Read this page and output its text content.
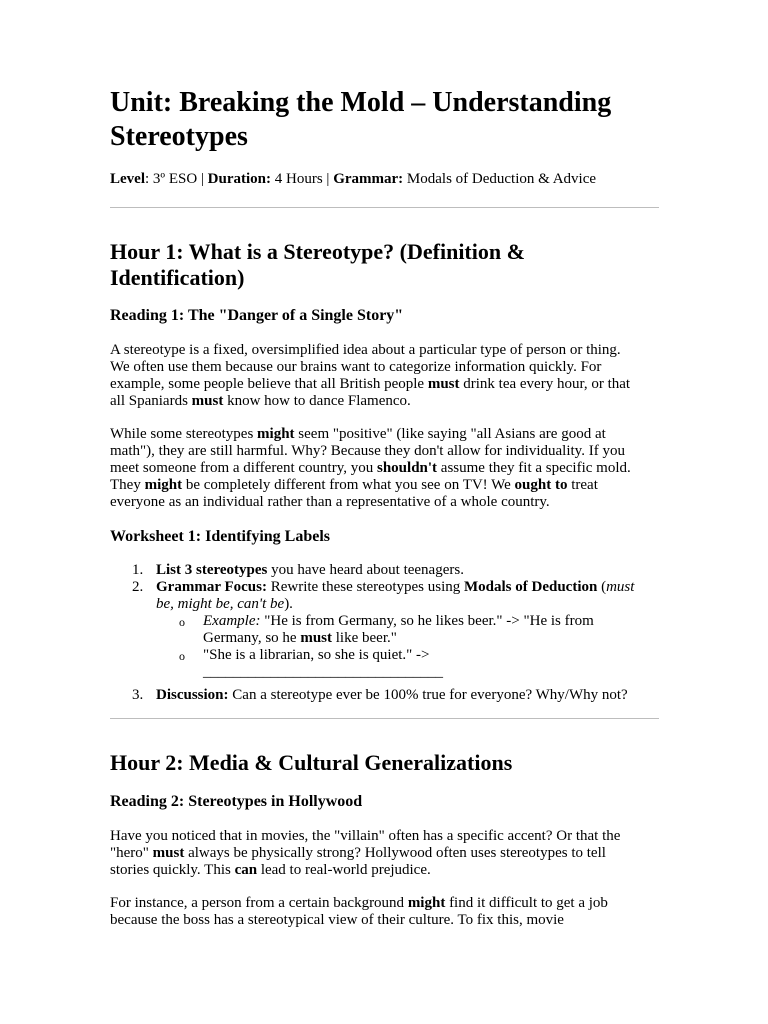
Unit: Breaking the Mold – Understanding Stereotypes

Level: 3º ESO | Duration: 4 Hours | Grammar: Modals of Deduction & Advice

Hour 1: What is a Stereotype? (Definition & Identification)
Reading 1: The "Danger of a Single Story"
A stereotype is a fixed, oversimplified idea about a particular type of person or thing.
We often use them because our brains want to categorize information quickly. For
example, some people believe that all British people must drink tea every hour, or that
all Spaniards must know how to dance Flamenco.
While some stereotypes might seem "positive" (like saying "all Asians are good at
math"), they are still harmful. Why? Because they don't allow for individuality. If you
meet someone from a different country, you shouldn't assume they fit a specific mold.
They might be completely different from what you see on TV! We ought to treat
everyone as an individual rather than a representative of a whole country.
Worksheet 1: Identifying Labels
1. List 3 stereotypes you have heard about teenagers.
2. Grammar Focus: Rewrite these stereotypes using Modals of Deduction (must
be, might be, can't be).
o Example: "He is from Germany, so he likes beer." -> "He is from
Germany, so he must like beer."
o "She is a librarian, so she is quiet." ->
________________________________
3. Discussion: Can a stereotype ever be 100% true for everyone? Why/Why not?
Hour 2: Media & Cultural Generalizations
Reading 2: Stereotypes in Hollywood
Have you noticed that in movies, the "villain" often has a specific accent? Or that the
"hero" must always be physically strong? Hollywood often uses stereotypes to tell
stories quickly. This can lead to real-world prejudice.
For instance, a person from a certain background might find it difficult to get a job
because the boss has a stereotypical view of their culture. To fix this, movie
